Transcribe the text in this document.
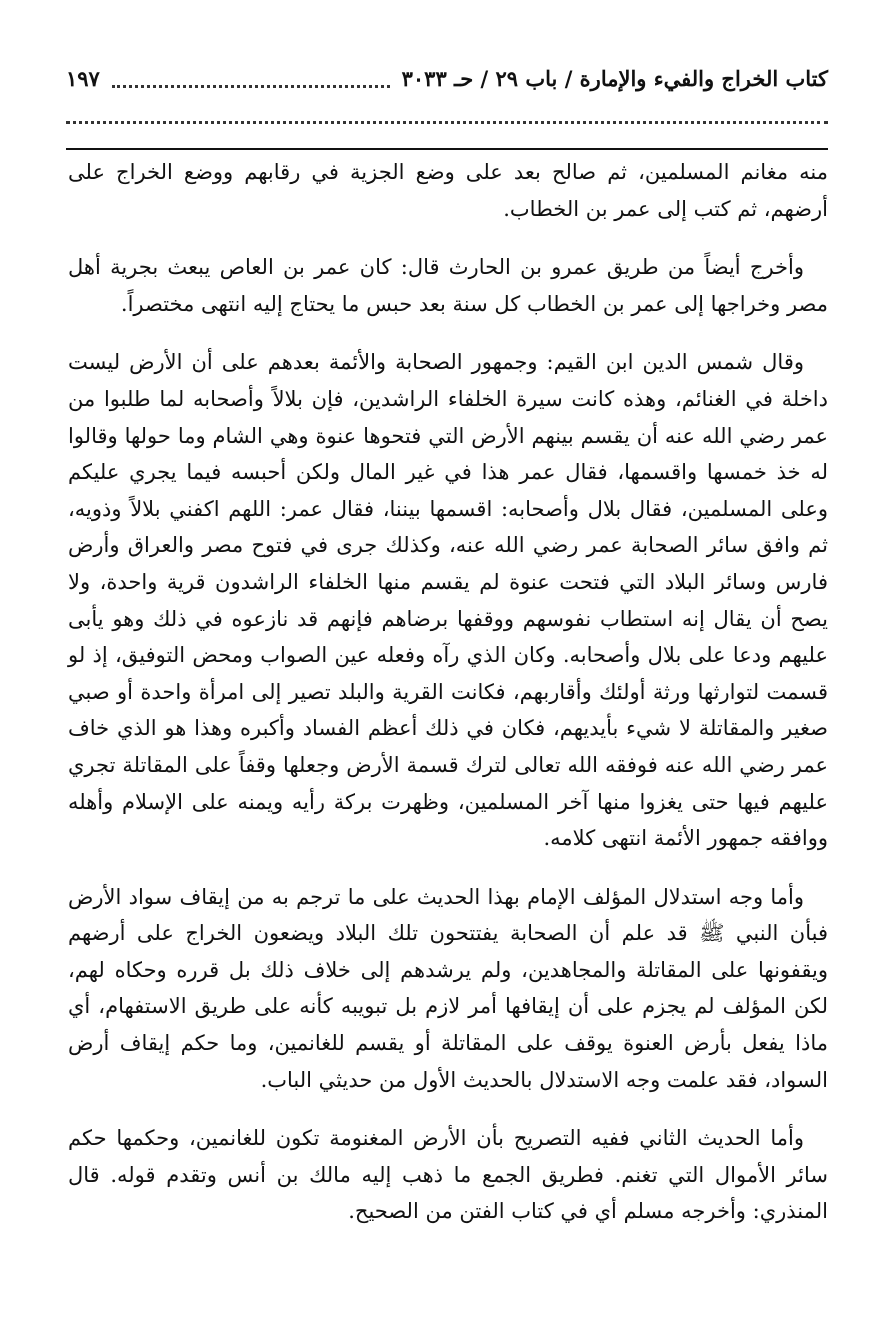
كتاب الخراج والفيء والإمارة / باب ٢٩ / حـ ٣٠٣٣
١٩٧

منه مغانم المسلمين، ثم صالح بعد على وضع الجزية في رقابهم ووضع الخراج على أرضهم، ثم كتب إلى عمر بن الخطاب.

وأخرج أيضاً من طريق عمرو بن الحارث قال: كان عمر بن العاص يبعث بجرية أهل مصر وخراجها إلى عمر بن الخطاب كل سنة بعد حبس ما يحتاج إليه انتهى مختصراً.

وقال شمس الدين ابن القيم: وجمهور الصحابة والأئمة بعدهم على أن الأرض ليست داخلة في الغنائم، وهذه كانت سيرة الخلفاء الراشدين، فإن بلالاً وأصحابه لما طلبوا من عمر رضي الله عنه أن يقسم بينهم الأرض التي فتحوها عنوة وهي الشام وما حولها وقالوا له خذ خمسها واقسمها، فقال عمر هذا في غير المال ولكن أحبسه فيما يجري عليكم وعلى المسلمين، فقال بلال وأصحابه: اقسمها بيننا، فقال عمر: اللهم اكفني بلالاً وذويه، ثم وافق سائر الصحابة عمر رضي الله عنه، وكذلك جرى في فتوح مصر والعراق وأرض فارس وسائر البلاد التي فتحت عنوة لم يقسم منها الخلفاء الراشدون قرية واحدة، ولا يصح أن يقال إنه استطاب نفوسهم ووقفها برضاهم فإنهم قد نازعوه في ذلك وهو يأبى عليهم ودعا على بلال وأصحابه. وكان الذي رآه وفعله عين الصواب ومحض التوفيق، إذ لو قسمت لتوارثها ورثة أولئك وأقاربهم، فكانت القرية والبلد تصير إلى امرأة واحدة أو صبي صغير والمقاتلة لا شيء بأيديهم، فكان في ذلك أعظم الفساد وأكبره وهذا هو الذي خاف عمر رضي الله عنه فوفقه الله تعالى لترك قسمة الأرض وجعلها وقفاً على المقاتلة تجري عليهم فيها حتى يغزوا منها آخر المسلمين، وظهرت بركة رأيه ويمنه على الإسلام وأهله ووافقه جمهور الأئمة انتهى كلامه.

وأما وجه استدلال المؤلف الإمام بهذا الحديث على ما ترجم به من إيقاف سواد الأرض فبأن النبي ﷺ قد علم أن الصحابة يفتتحون تلك البلاد ويضعون الخراج على أرضهم ويقفونها على المقاتلة والمجاهدين، ولم يرشدهم إلى خلاف ذلك بل قرره وحكاه لهم، لكن المؤلف لم يجزم على أن إيقافها أمر لازم بل تبويبه كأنه على طريق الاستفهام، أي ماذا يفعل بأرض العنوة يوقف على المقاتلة أو يقسم للغانمين، وما حكم إيقاف أرض السواد، فقد علمت وجه الاستدلال بالحديث الأول من حديثي الباب.

وأما الحديث الثاني ففيه التصريح بأن الأرض المغنومة تكون للغانمين، وحكمها حكم سائر الأموال التي تغنم. فطريق الجمع ما ذهب إليه مالك بن أنس وتقدم قوله. قال المنذري: وأخرجه مسلم أي في كتاب الفتن من الصحيح.
